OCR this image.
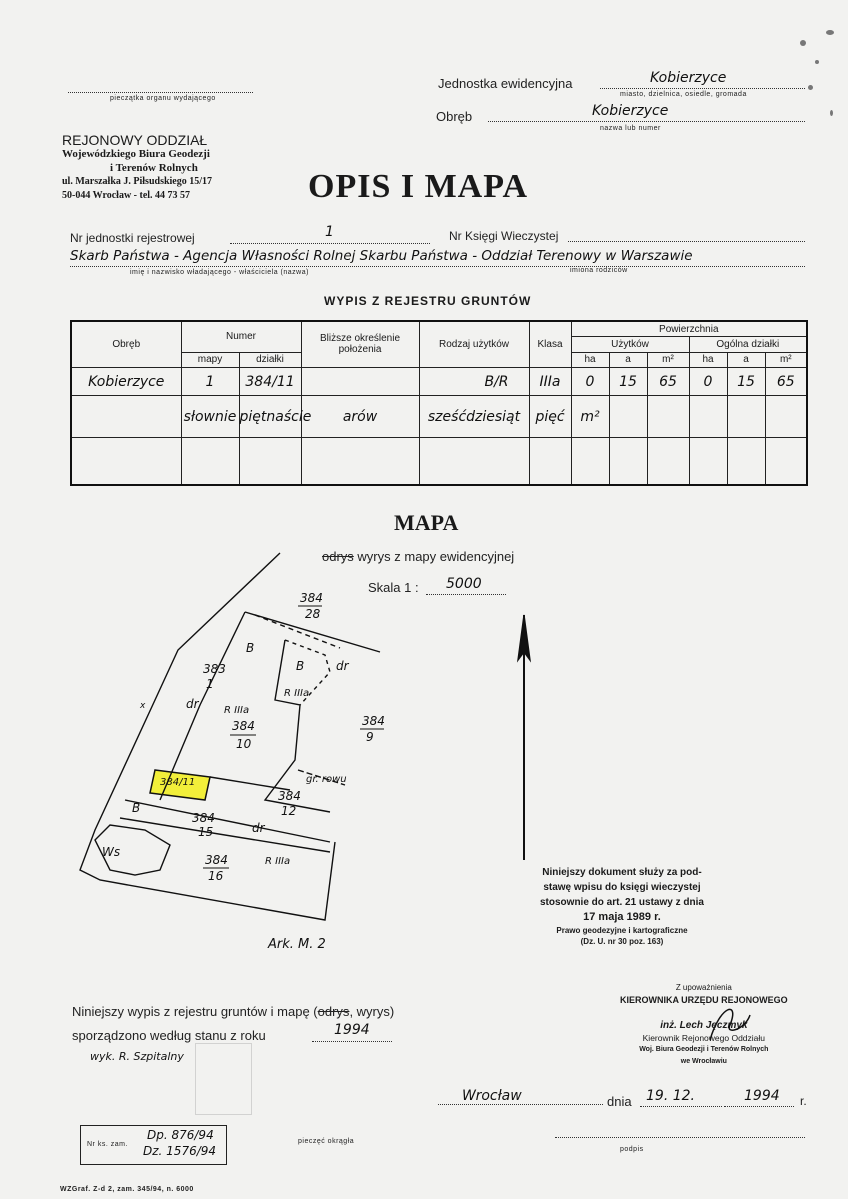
pieczątka organu wydającego
Jednostka ewidencyjna	Kobierzyce
miasto, dzielnica, osiedle, gromada
Obręb	Kobierzyce
nazwa lub numer
REJONOWY ODDZIAŁ
Wojewódzkiego Biura Geodezji
i Terenów Rolnych
ul. Marszałka J. Piłsudskiego 15/17
50-044 Wrocław - tel. 44 73 57	OPIS I MAPA
Nr jednostki rejestrowej	1	Nr Księgi Wieczystej
Skarb Państwa - Agencja Własności Rolnej Skarbu Państwa - Oddział Terenowy w Warszawie
imię i nazwisko władającego - właściciela (nazwa)	imiona rodziców
WYPIS Z REJESTRU GRUNTÓW
Obręb	Numer		Bliższe określenie położenia	Rodzaj użytków	Klasa	Powierzchnia					
						Użytków			Ogólna działki		
	mapy	działki				ha	a	m²	ha	a	m²
Kobierzyce	1	384/11		B/R	IIIa	0	15	65	0	15	65
	słownie	piętnaście	arów	sześćdziesiąt	pięć	m²					

MAPA
odrys wyrys z mapy ewidencyjnej
Skala 1 : 5000
384
28
383
1
384
10
384
9
384
12
384
15
384
16
384/11
B
B
B
dr
dr
dr
R IIIa
R IIIa
R IIIa
Ws
gr. rowu
x
Ark. M. 2
Niniejszy dokument służy za pod-
stawę wpisu do księgi wieczystej
stosownie do art. 21 ustawy z dnia
17 maja 1989 r.
Prawo geodezyjne i kartograficzne
(Dz. U. nr 30 poz. 163)
Z upoważnienia
KIEROWNIKA URZĘDU REJONOWEGO
inż. Lech Jęczmyk
Kierownik Rejonowego Oddziału
Woj. Biura Geodezji i Terenów Rolnych
we Wrocławiu
Niniejszy wypis z rejestru gruntów i mapę (odrys, wyrys)
sporządzono według stanu z roku	1994
wyk. R. Szpitalny
Wrocław	dnia 19. 12.	1994 r.
Nr ks. zam.
Dp. 876/94
Dz. 1576/94
pieczęć okrągła
podpis
WZGraf. Z-d 2, zam. 345/94, n. 6000
